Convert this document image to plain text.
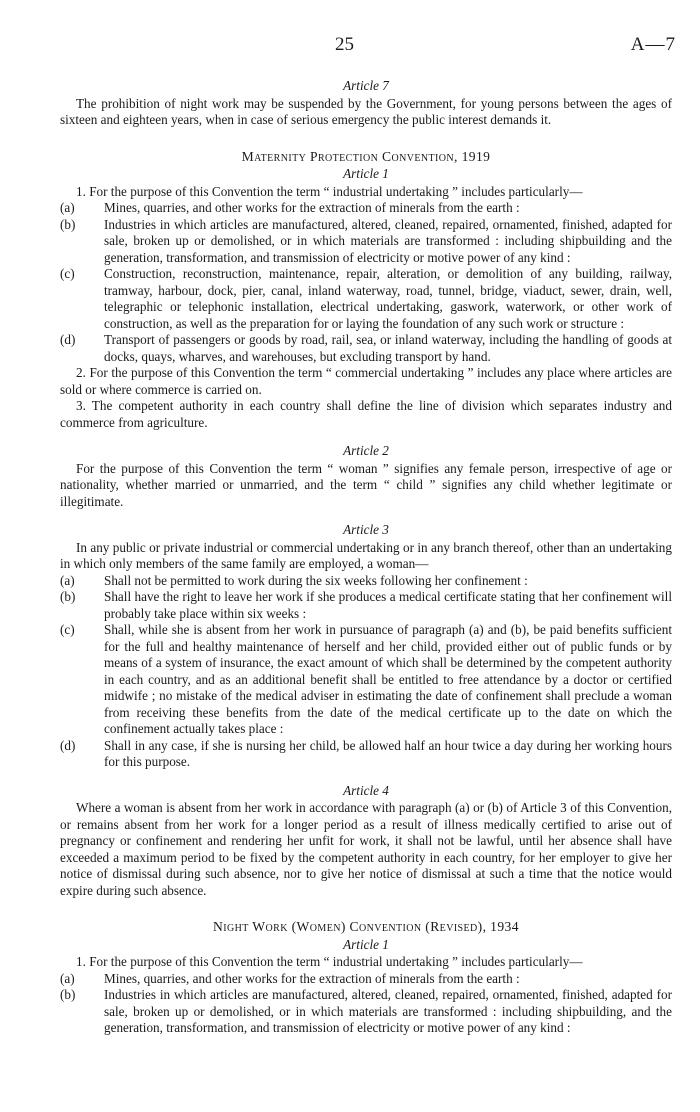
25	A—7
Article 7

The prohibition of night work may be suspended by the Government, for young persons between the ages of sixteen and eighteen years, when in case of serious emergency the public interest demands it.

Maternity Protection Convention, 1919
Article 1

1. For the purpose of this Convention the term “ industrial undertaking ” includes particularly—

(a) Mines, quarries, and other works for the extraction of minerals from the earth :
(b) Industries in which articles are manufactured, altered, cleaned, repaired, ornamented, finished, adapted for sale, broken up or demolished, or in which materials are transformed : including shipbuilding and the generation, transformation, and transmission of electricity or motive power of any kind :
(c) Construction, reconstruction, maintenance, repair, alteration, or demolition of any building, railway, tramway, harbour, dock, pier, canal, inland waterway, road, tunnel, bridge, viaduct, sewer, drain, well, telegraphic or telephonic installation, electrical undertaking, gaswork, waterwork, or other work of construction, as well as the preparation for or laying the foundation of any such work or structure :
(d) Transport of passengers or goods by road, rail, sea, or inland waterway, including the handling of goods at docks, quays, wharves, and warehouses, but excluding transport by hand.

2. For the purpose of this Convention the term “ commercial undertaking ” includes any place where articles are sold or where commerce is carried on.

3. The competent authority in each country shall define the line of division which separates industry and commerce from agriculture.

Article 2

For the purpose of this Convention the term “ woman ” signifies any female person, irrespective of age or nationality, whether married or unmarried, and the term “ child ” signifies any child whether legitimate or illegitimate.

Article 3

In any public or private industrial or commercial undertaking or in any branch thereof, other than an undertaking in which only members of the same family are employed, a woman—

(a) Shall not be permitted to work during the six weeks following her confinement :
(b) Shall have the right to leave her work if she produces a medical certificate stating that her confinement will probably take place within six weeks :
(c) Shall, while she is absent from her work in pursuance of paragraph (a) and (b), be paid benefits sufficient for the full and healthy maintenance of herself and her child, provided either out of public funds or by means of a system of insurance, the exact amount of which shall be determined by the competent authority in each country, and as an additional benefit shall be entitled to free attendance by a doctor or certified midwife ; no mistake of the medical adviser in estimating the date of confinement shall preclude a woman from receiving these benefits from the date of the medical certificate up to the date on which the confinement actually takes place :
(d) Shall in any case, if she is nursing her child, be allowed half an hour twice a day during her working hours for this purpose.
Article 4

Where a woman is absent from her work in accordance with paragraph (a) or (b) of Article 3 of this Convention, or remains absent from her work for a longer period as a result of illness medically certified to arise out of pregnancy or confinement and rendering her unfit for work, it shall not be lawful, until her absence shall have exceeded a maximum period to be fixed by the competent authority in each country, for her employer to give her notice of dismissal during such absence, nor to give her notice of dismissal at such a time that the notice would expire during such absence.

Night Work (Women) Convention (Revised), 1934
Article 1

1. For the purpose of this Convention the term “ industrial undertaking ” includes particularly—

(a) Mines, quarries, and other works for the extraction of minerals from the earth :
(b) Industries in which articles are manufactured, altered, cleaned, repaired, ornamented, finished, adapted for sale, broken up or demolished, or in which materials are transformed : including shipbuilding, and the generation, transformation, and transmission of electricity or motive power of any kind :
